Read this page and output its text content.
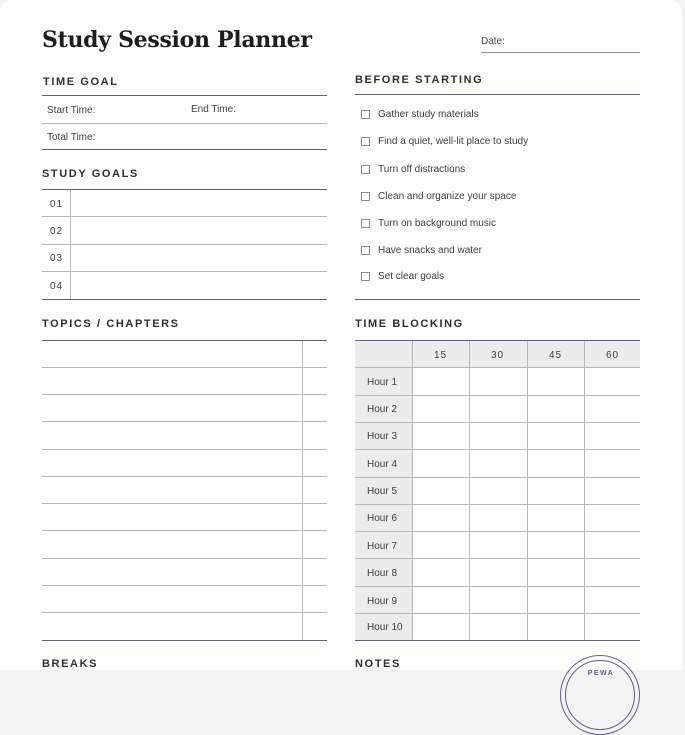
Study Session Planner	Date:
TIME GOAL
Start Time:	End Time:
Total Time:
STUDY GOALS
01
02
03
04
BEFORE STARTING
Gather study materials
Find a quiet, well-lit place to study
Turn off distractions
Clean and organize your space
Turn on background music
Have snacks and water
Set clear goals
TOPICS / CHAPTERS	TIME BLOCKING
15	30	45	60
Hour 1
Hour 2
Hour 3
Hour 4
Hour 5
Hour 6
Hour 7
Hour 8
Hour 9
Hour 10
BREAKS	NOTES
PEWA
